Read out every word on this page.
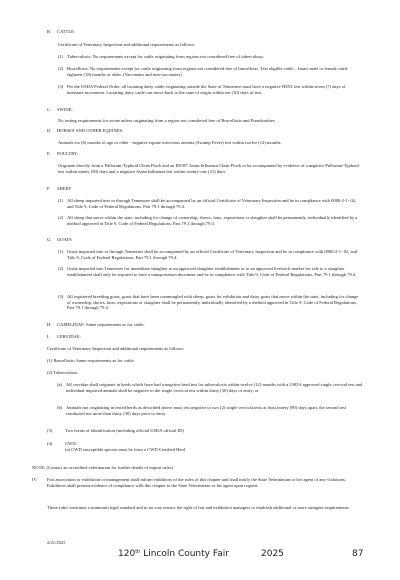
B. CATTLE:

Certificate of Veterinary Inspection and additional requirements as follows:

(1) Tuberculosis: No requirements except for cattle originating from regions not considered free of tuberculosis.
(2) Brucellosis: No requirements except for cattle originating from regions not considered free of brucellosis. Test eligible cattle – Intact male or female cattle eighteen (18) months or older. (Vaccinates and non-vaccinates)
(3) Per the USDA Federal Order, all lactating dairy cattle originating outside the State of Tennessee must have a negative H5N1 test within seven (7) days of interstate movement. Lactating dairy cattle can move back to the state of origin within ten (10) days of test.
C. SWINE:

No testing requirements for swine unless originating from a region not considered free of Brucellosis and Pseudorabies.

D. HORSES AND OTHER EQUINES:

Animals six (6) months of age or older - negative equine infectious anemia (Swamp Fever) test within twelve (12) months.

E. POULTRY:

Originate directly from a Pullorum-Typhoid Clean Flock and an H5/H7 Avian Influenza Clean Flock or be accompanied by evidence of a negative Pullorum-Typhoid test within ninety (90) days and a negative Avian Influenza test within twenty-one (21) days.

F. SHEEP
(1) All sheep imported into or through Tennessee shall be accompanied by an official Certificate of Veterinary Inspection and be in compliance with 0080-2-1-.02, and Title 9, Code of Federal Regulations, Part 79.1 through 79.4.
(2) All sheep that move within the state, including for change of ownership, shows, fairs, expositions or slaughter shall be permanently, individually identified by a method approved in Title 9, Code of Federal Regulations, Part 79.1 through 79.4.
G. GOATS
(1) Goats imported into or through Tennessee shall be accompanied by an official Certificate of Veterinary Inspection and be in compliance with 0080-2-1-.02, and Title 9, Code of Federal Regulations, Part 79.1 through 79.4.
(2) Goats imported into Tennessee for immediate slaughter to an approved slaughter establishment or to an approved livestock market for sale to a slaughter establishment shall only be required to have a transportation document and be in compliance with Title 9, Code of Federal Regulations, Part 79.1 through 79.4.
(3) All registered breeding goats, goats that have been commingled with sheep, goats for exhibition and dairy goats that move within the state, including for change of ownership, shows, fairs, expositions or slaughter shall be permanently, individually identified by a method approved in Title 9, Code of Federal Regulations, Part 79.1 through 79.4.
H. CAMELIDAE: Same requirements as for cattle.
I. CERVIDAE:

Certificate of Veterinary Inspection and additional requirements as follows:

(1) Brucellosis: Same requirements as for cattle.

(2) Tuberculosis:

(a) All cervidae shall originate in herds which have had a negative herd test for tuberculosis within twelve (12) months with a USDA approved single cervical test and individual imported animals shall be negative to the single cervical test within thirty (30) days of entry; or
(b) Animals not originating in tested herds as described above must test negative to two (2) single cervical tests at least ninety (90) days apart, the second test conducted not more than thirty (30) days prior to entry.
(3)	Two forms of identification (including official USDA official ID)
(4)	CWD:

(a) CWD susceptible species must be from a CWD Certified Herd

NOTE: (Contact an accredited veterinarian for further details of import rules).

IV Fair association or exhibition or management shall inform exhibitors of the rules of this chapter and shall notify the State Veterinarian or her agent of any violations. Exhibitors shall present evidence of compliance with this chapter to the State Veterinarian or his agent upon request.

These rules constitute a minimum legal standard and in no way restrict the right of fair and exhibition managers to establish additional or more stringent requirements.

2/21/2025

120th Lincoln County Fair	2025	87
